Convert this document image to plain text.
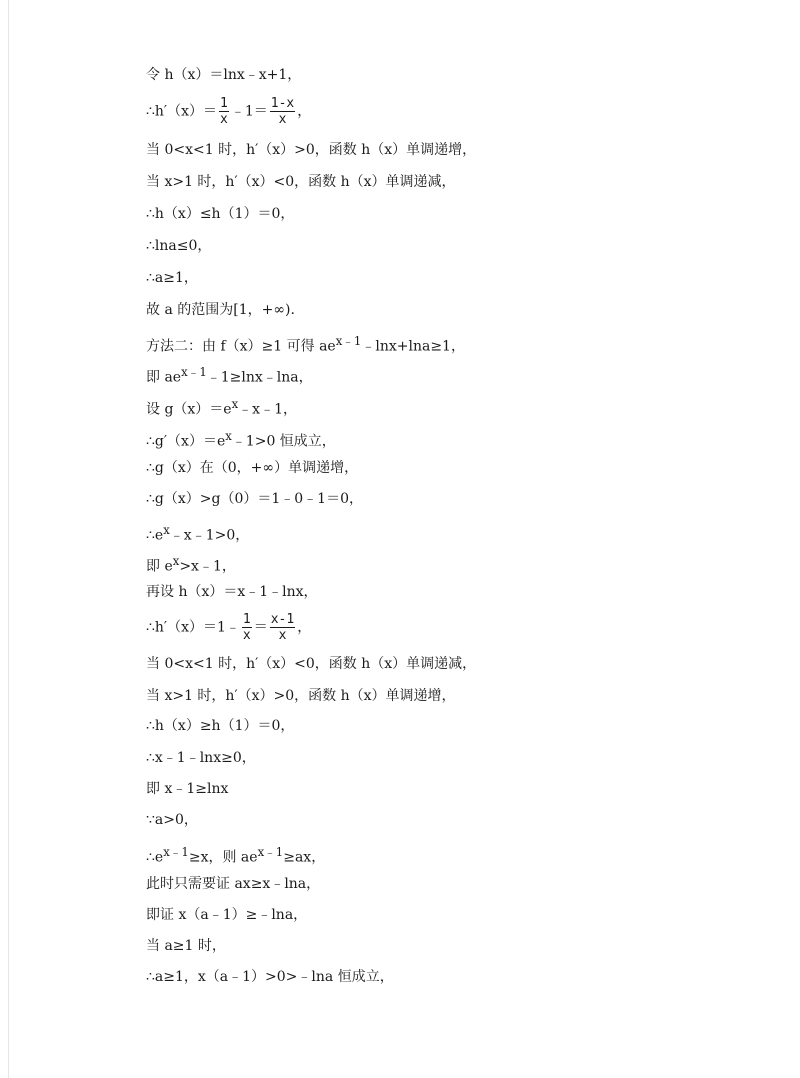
令 h（x）＝lnx﹣x+1，
∴h′（x）＝ $\frac{1}{x}$ ﹣1＝ $\frac{1-x}{x}$ ，
当 0<x<1 时，h′（x）>0，函数 h（x）单调递增，
当 x>1 时，h′（x）<0，函数 h（x）单调递减，
∴h（x）≤h（1）＝0，
∴lna≤0，
∴a≥1，
故 a 的范围为[1，+∞).
方法二：由 f（x）≥1 可得 $ae^{x﹣1}﹣\ln x+\ln a\ge 1$，
即 $ae^{x﹣1}﹣1\ge\ln x﹣\ln a$，
设 $g(x)=e^x﹣x﹣1$，
$\therefore g'(x)=e^x﹣1>0$ 恒成立，
∴g（x）在（0，+∞）单调递增，
∴g（x）>g（0）＝1﹣0﹣1＝0，
$\therefore e^x﹣x﹣1>0$，
即 $e^x>x﹣1$，
再设 h（x）＝x﹣1﹣lnx，
∴h′（x）＝1﹣ $\frac{1}{x} = \frac{x-1}{x}$ ，
当 0<x<1 时，h′（x）<0，函数 h（x）单调递减，
当 x>1 时，h′（x）>0，函数 h（x）单调递增，
∴h（x）≥h（1）＝0，
∴x﹣1﹣lnx≥0，
即 x﹣1≥lnx
∵a>0，
$\therefore e^{x﹣1}\ge x$，则 $ae^{x﹣1}\ge ax$，
此时只需要证 ax≥x﹣lna，
即证 x（a﹣1）≥﹣lna，
当 a≥1 时，
∴a≥1，x（a﹣1）>0>﹣lna 恒成立，
